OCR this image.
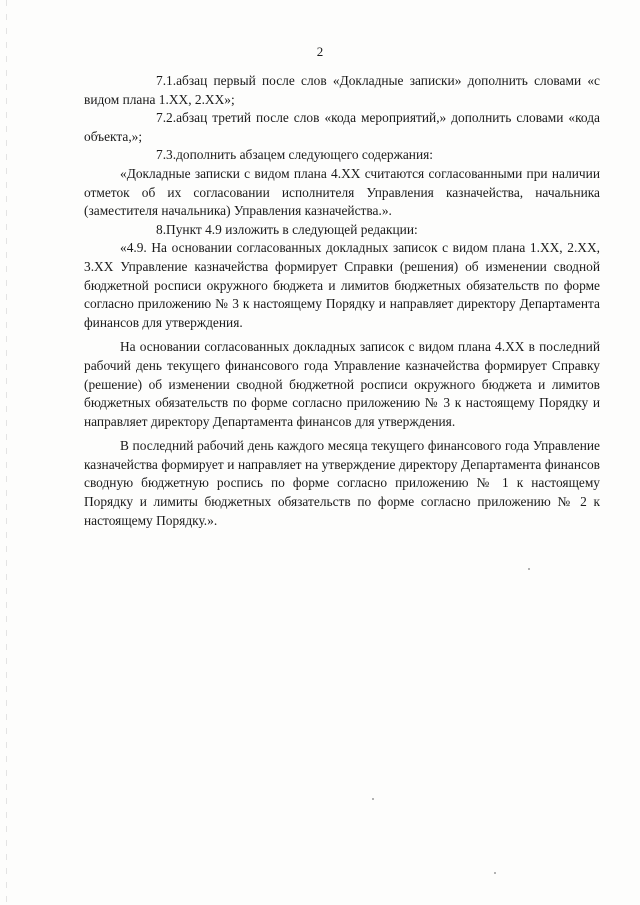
2

7.1.абзац первый после слов «Докладные записки» дополнить словами «с видом плана 1.ХХ, 2.ХХ»;

7.2.абзац третий после слов «кода мероприятий,» дополнить словами «кода объекта,»;

7.3.дополнить абзацем следующего содержания:

«Докладные записки с видом плана 4.ХХ считаются согласованными при наличии отметок об их согласовании исполнителя Управления казначейства, начальника (заместителя начальника) Управления казначейства.».

8.Пункт 4.9 изложить в следующей редакции:

«4.9. На основании согласованных докладных записок с видом плана 1.ХХ, 2.ХХ, 3.ХХ Управление казначейства формирует Справки (решения) об изменении сводной бюджетной росписи окружного бюджета и лимитов бюджетных обязательств по форме согласно приложению № 3 к настоящему Порядку и направляет директору Департамента финансов для утверждения.

На основании согласованных докладных записок с видом плана 4.ХХ в последний рабочий день текущего финансового года Управление казначейства формирует Справку (решение) об изменении сводной бюджетной росписи окружного бюджета и лимитов бюджетных обязательств по форме согласно приложению № 3 к настоящему Порядку и направляет директору Департамента финансов для утверждения.

В последний рабочий день каждого месяца текущего финансового года Управление казначейства формирует и направляет на утверждение директору Департамента финансов сводную бюджетную роспись по форме согласно приложению № 1 к настоящему Порядку и лимиты бюджетных обязательств по форме согласно приложению № 2 к настоящему Порядку.».
